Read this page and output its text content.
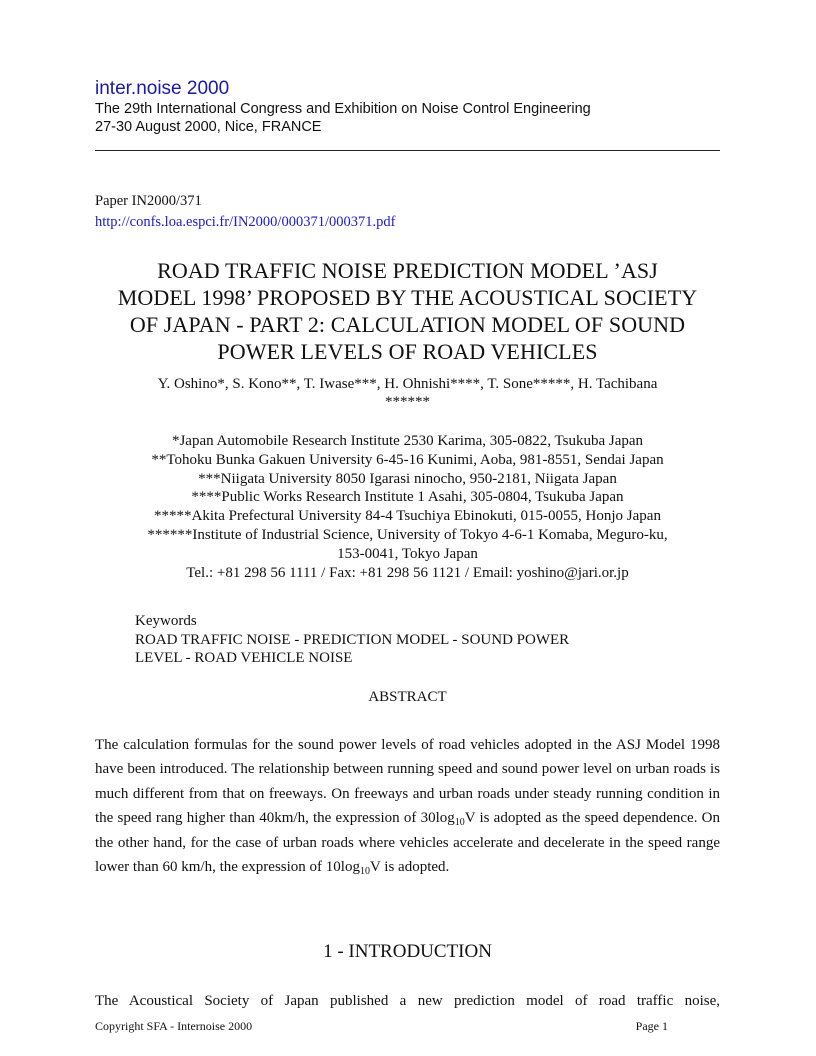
inter.noise 2000
The 29th International Congress and Exhibition on Noise Control Engineering
27-30 August 2000, Nice, FRANCE
Paper IN2000/371
http://confs.loa.espci.fr/IN2000/000371/000371.pdf
ROAD TRAFFIC NOISE PREDICTION MODEL ’ASJ
MODEL 1998’ PROPOSED BY THE ACOUSTICAL SOCIETY
OF JAPAN - PART 2: CALCULATION MODEL OF SOUND
POWER LEVELS OF ROAD VEHICLES
Y. Oshino*, S. Kono**, T. Iwase***, H. Ohnishi****, T. Sone*****, H. Tachibana
******
*Japan Automobile Research Institute 2530 Karima, 305-0822, Tsukuba Japan
**Tohoku Bunka Gakuen University 6-45-16 Kunimi, Aoba, 981-8551, Sendai Japan
***Niigata University 8050 Igarasi ninocho, 950-2181, Niigata Japan
****Public Works Research Institute 1 Asahi, 305-0804, Tsukuba Japan
*****Akita Prefectural University 84-4 Tsuchiya Ebinokuti, 015-0055, Honjo Japan
******Institute of Industrial Science, University of Tokyo 4-6-1 Komaba, Meguro-ku,
153-0041, Tokyo Japan
Tel.: +81 298 56 1111 / Fax: +81 298 56 1121 / Email: yoshino@jari.or.jp
Keywords
ROAD TRAFFIC NOISE - PREDICTION MODEL - SOUND POWER
LEVEL - ROAD VEHICLE NOISE
ABSTRACT

The calculation formulas for the sound power levels of road vehicles adopted in the ASJ Model 1998 have been introduced. The relationship between running speed and sound power level on urban roads is much different from that on freeways. On freeways and urban roads under steady running condition in the speed rang higher than 40km/h, the expression of $30\log_{10}V$ is adopted as the speed dependence. On the other hand, for the case of urban roads where vehicles accelerate and decelerate in the speed range lower than 60 km/h, the expression of $10\log_{10}V$ is adopted.

1 - INTRODUCTION
The Acoustical Society of Japan published a new prediction model of road traffic noise,
Copyright SFA - Internoise 2000	Page 1
